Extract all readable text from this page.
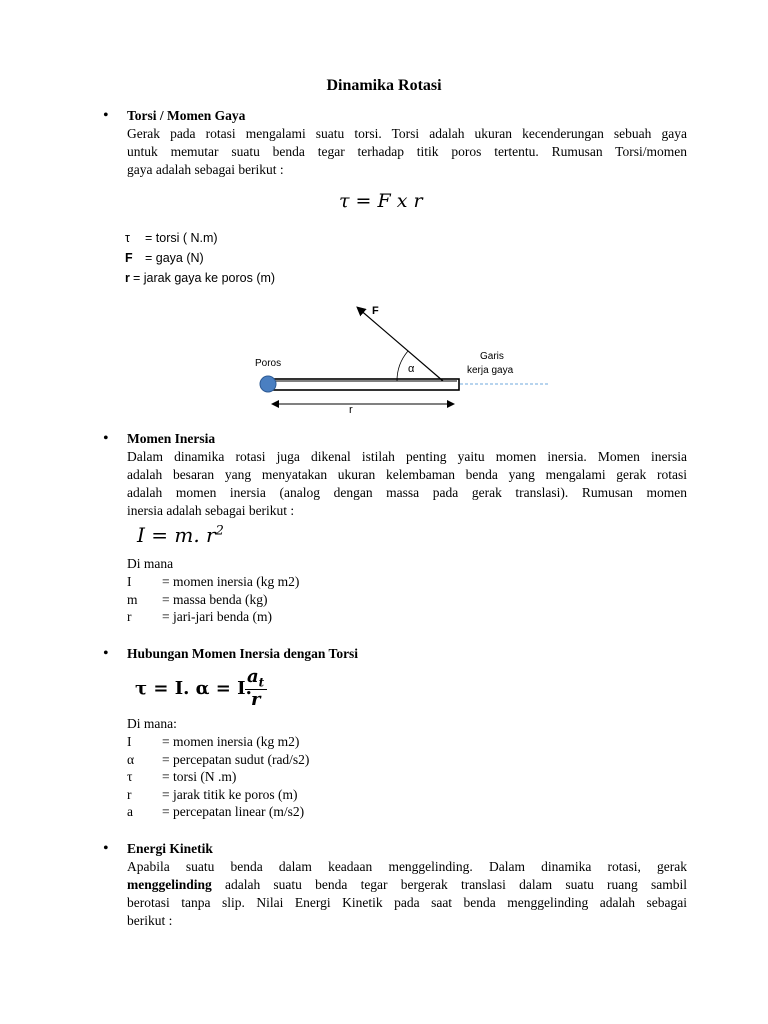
Dinamika Rotasi
• Torsi / Momen Gaya
Gerak pada rotasi mengalami suatu torsi. Torsi adalah ukuran kecenderungan sebuah gaya
untuk memutar suatu benda tegar terhadap titik poros tertentu. Rumusan Torsi/momen
gaya adalah sebagai berikut :
τ = F x r
τ	= torsi ( N.m)
F = gaya (N)
r = jarak gaya ke poros (m)
F
Poros	α
Garis
kerja gaya
r
• Momen Inersia
Dalam dinamika rotasi juga dikenal istilah penting yaitu momen inersia. Momen inersia
adalah besaran yang menyatakan ukuran kelembaman benda yang mengalami gerak rotasi
adalah momen inersia (analog dengan massa pada gerak translasi). Rumusan momen
inersia adalah sebagai berikut :
I = m. $r^2$
Di mana
I	= momen inersia (kg m2)
m	= massa benda (kg)
r	= jari-jari benda (m)
• Hubungan Momen Inersia dengan Torsi
τ = I. α = I.
$a_t$
r
Di mana:
I	= momen inersia (kg m2)
α	= percepatan sudut (rad/s2)
τ	= torsi (N .m)
r	= jarak titik ke poros (m)
a	= percepatan linear (m/s2)
• Energi Kinetik
Apabila suatu benda dalam keadaan menggelinding. Dalam dinamika rotasi, gerak
menggelinding adalah suatu benda tegar bergerak translasi dalam suatu ruang sambil
berotasi tanpa slip. Nilai Energi Kinetik pada saat benda menggelinding adalah sebagai
berikut :
